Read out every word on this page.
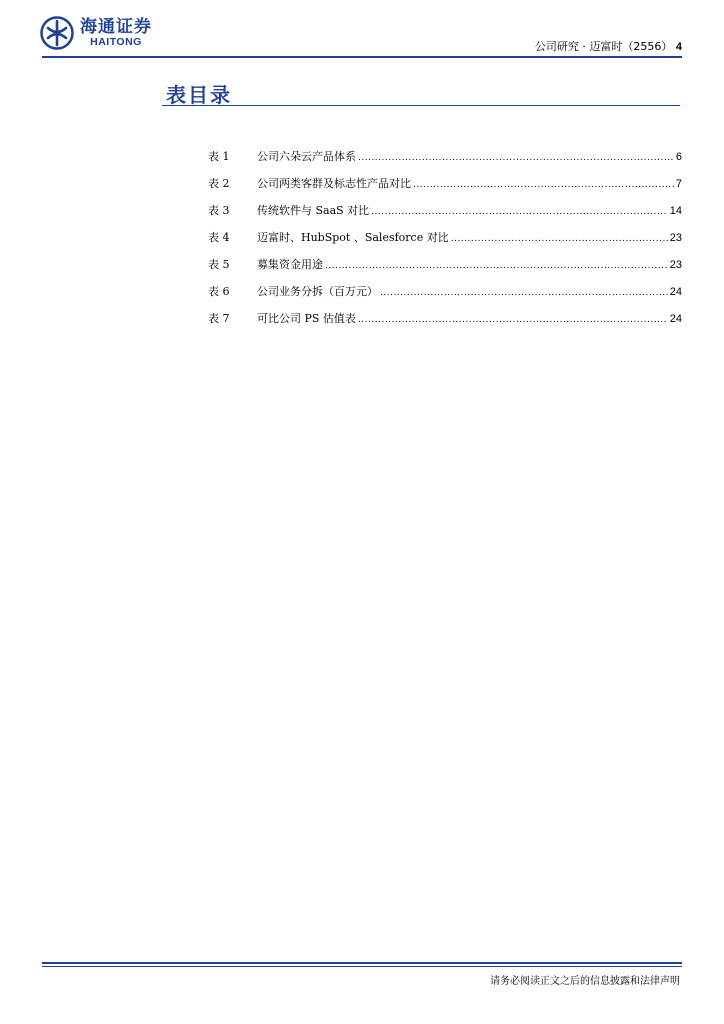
海通证券
HAITONG	公司研究 · 迈富时（2556） 4
表目录
表 1	公司六朵云产品体系 .....	6
表 2	公司两类客群及标志性产品对比 .....	7
表 3	传统软件与 SaaS 对比 .....	14
表 4	迈富时、HubSpot 、Salesforce 对比 .....	23
表 5	募集资金用途 .....	23
表 6	公司业务分拆（百万元） .....	24
表 7	可比公司 PS 估值表 .....	24
请务必阅读正文之后的信息披露和法律声明
